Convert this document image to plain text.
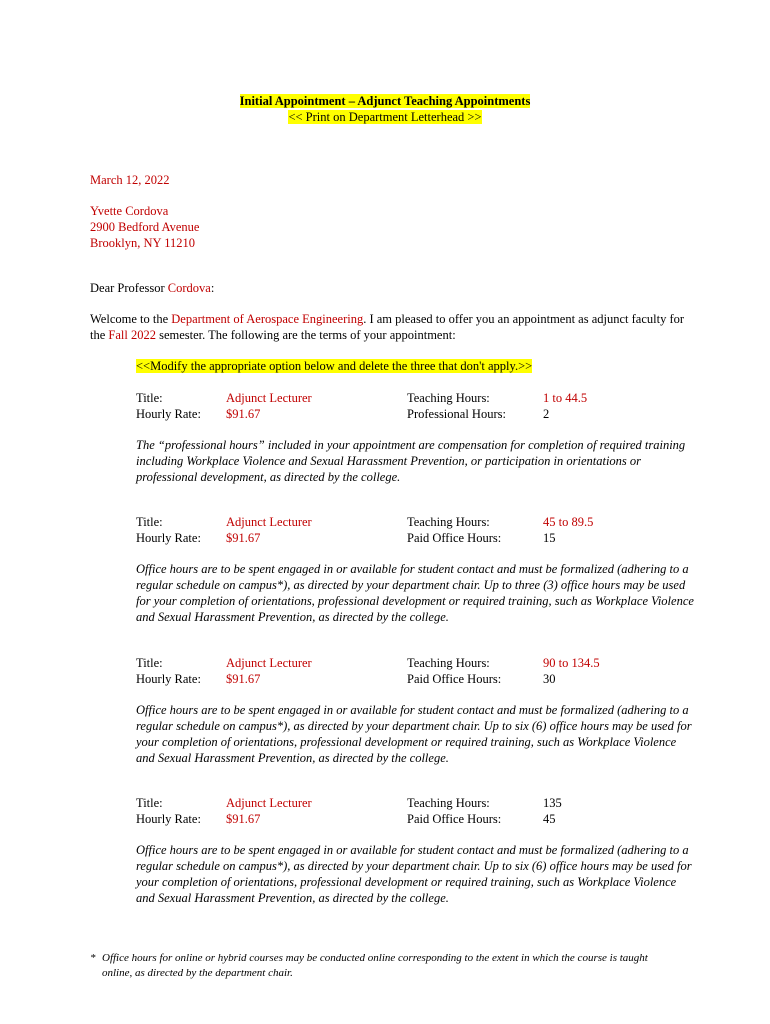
Initial Appointment – Adjunct Teaching Appointments
<< Print on Department Letterhead >>
March 12, 2022
Yvette Cordova
2900 Bedford Avenue
Brooklyn, NY 11210
Dear Professor Cordova:
Welcome to the Department of Aerospace Engineering. I am pleased to offer you an appointment as adjunct faculty for the Fall 2022 semester. The following are the terms of your appointment:
<<Modify the appropriate option below and delete the three that don't apply.>>
Title:	Adjunct Lecturer	Teaching Hours:	1 to 44.5
Hourly Rate: $91.67	Professional Hours:	2
The “professional hours” included in your appointment are compensation for completion of required training including Workplace Violence and Sexual Harassment Prevention, or participation in orientations or professional development, as directed by the college.
Title:	Adjunct Lecturer	Teaching Hours:	45 to 89.5
Hourly Rate: $91.67	Paid Office Hours:	15
Office hours are to be spent engaged in or available for student contact and must be formalized (adhering to a regular schedule on campus*), as directed by your department chair. Up to three (3) office hours may be used for your completion of orientations, professional development or required training, such as Workplace Violence and Sexual Harassment Prevention, as directed by the college.
Title:	Adjunct Lecturer	Teaching Hours:	90 to 134.5
Hourly Rate: $91.67	Paid Office Hours:	30
Office hours are to be spent engaged in or available for student contact and must be formalized (adhering to a regular schedule on campus*), as directed by your department chair. Up to six (6) office hours may be used for your completion of orientations, professional development or required training, such as Workplace Violence and Sexual Harassment Prevention, as directed by the college.
Title:	Adjunct Lecturer	Teaching Hours:	135
Hourly Rate: $91.67	Paid Office Hours:	45
Office hours are to be spent engaged in or available for student contact and must be formalized (adhering to a regular schedule on campus*), as directed by your department chair. Up to six (6) office hours may be used for your completion of orientations, professional development or required training, such as Workplace Violence and Sexual Harassment Prevention, as directed by the college.
* Office hours for online or hybrid courses may be conducted online corresponding to the extent in which the course is taught online, as directed by the department chair.
